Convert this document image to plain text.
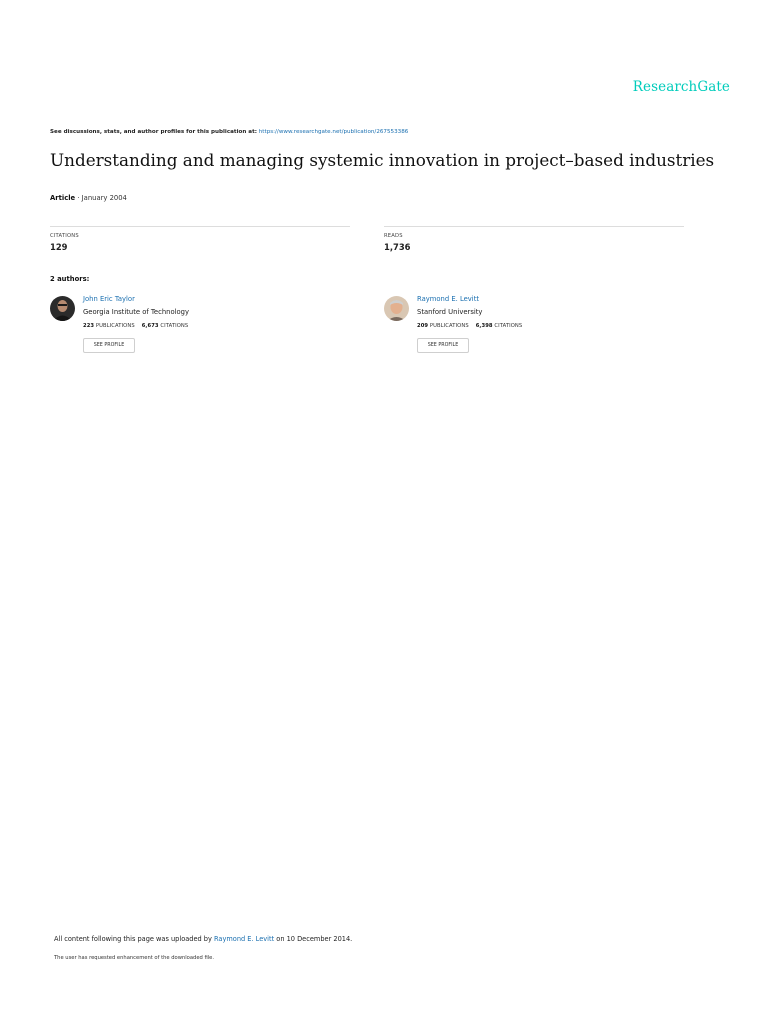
ResearchGate
See discussions, stats, and author profiles for this publication at: https://www.researchgate.net/publication/267553386
Understanding and managing systemic innovation in project–based industries
Article · January 2004
CITATIONS
129
READS
1,736
2 authors:
John Eric Taylor
Georgia Institute of Technology
223 PUBLICATIONS 6,673 CITATIONS
SEE PROFILE
Raymond E. Levitt
Stanford University
209 PUBLICATIONS 6,398 CITATIONS
SEE PROFILE
All content following this page was uploaded by Raymond E. Levitt on 10 December 2014.
The user has requested enhancement of the downloaded file.
